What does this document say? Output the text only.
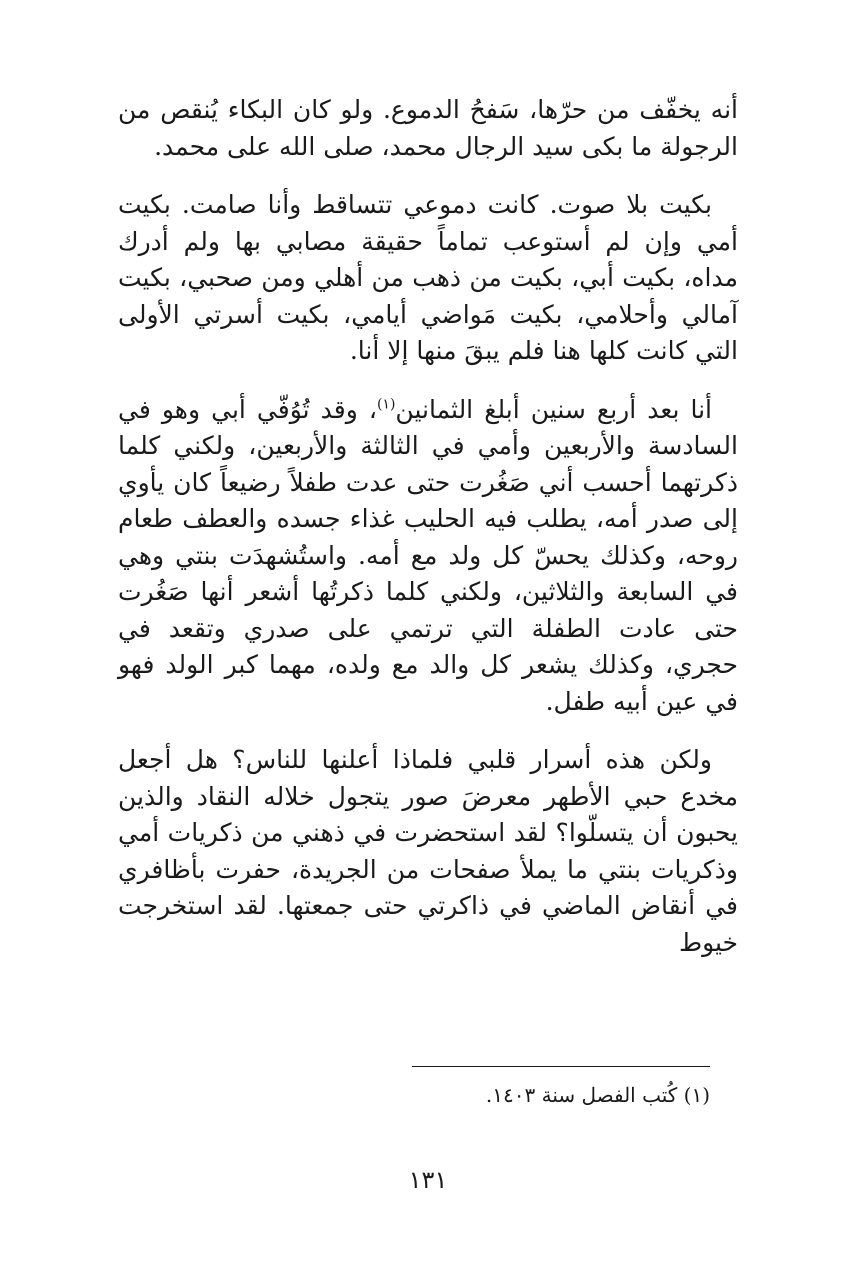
أنه يخفّف من حرّها، سَفحُ الدموع. ولو كان البكاء يُنقص من الرجولة ما بكى سيد الرجال محمد، صلى الله على محمد.

بكيت بلا صوت. كانت دموعي تتساقط وأنا صامت. بكيت أمي وإن لم أستوعب تماماً حقيقة مصابي بها ولم أدرك مداه، بكيت أبي، بكيت من ذهب من أهلي ومن صحبي، بكيت آمالي وأحلامي، بكيت مَواضي أيامي، بكيت أسرتي الأولى التي كانت كلها هنا فلم يبقَ منها إلا أنا.

أنا بعد أربع سنين أبلغ الثمانين$^{(١)}$، وقد تُوُفّي أبي وهو في السادسة والأربعين وأمي في الثالثة والأربعين، ولكني كلما ذكرتهما أحسب أني صَغُرت حتى عدت طفلاً رضيعاً كان يأوي إلى صدر أمه، يطلب فيه الحليب غذاء جسده والعطف طعام روحه، وكذلك يحسّ كل ولد مع أمه. واستُشهدَت بنتي وهي في السابعة والثلاثين، ولكني كلما ذكرتُها أشعر أنها صَغُرت حتى عادت الطفلة التي ترتمي على صدري وتقعد في حجري، وكذلك يشعر كل والد مع ولده، مهما كبر الولد فهو في عين أبيه طفل.

ولكن هذه أسرار قلبي فلماذا أعلنها للناس؟ هل أجعل مخدع حبي الأطهر معرضَ صور يتجول خلاله النقاد والذين يحبون أن يتسلّوا؟ لقد استحضرت في ذهني من ذكريات أمي وذكريات بنتي ما يملأ صفحات من الجريدة، حفرت بأظافري في أنقاض الماضي في ذاكرتي حتى جمعتها. لقد استخرجت خيوط

(١) كُتب الفصل سنة ١٤٠٣.
١٣١
